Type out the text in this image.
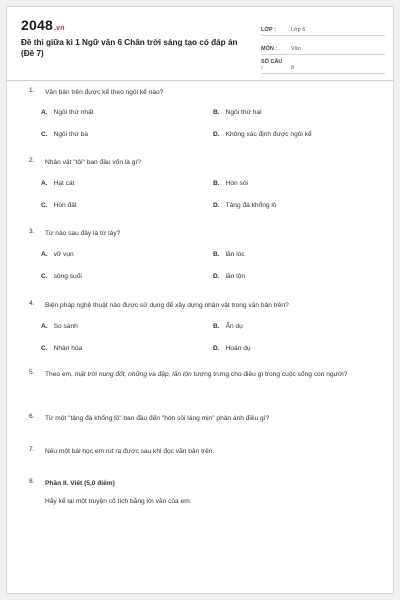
2048.vn
Đề thi giữa kì 1 Ngữ văn 6 Chân trời sáng tạo có đáp án (Đề 7)
LỚP :	Lớp 6
MÔN :	Văn
SỐ CÂU :	8
1.	Văn bản trên được kể theo ngôi kể nào?
A. Ngôi thứ nhất	B. Ngôi thứ hai
C. Ngôi thứ ba	D. Không xác định được ngôi kể
2.	Nhân vật "tôi" ban đầu vốn là gì?
A. Hạt cát	B. Hòn sỏi
C. Hòn đất	D. Tảng đá khổng lồ
3.	Từ nào sau đây là từ láy?
A. vỡ vụn	B. lăn lóc
C. sông suối	D. lăn lộn
4.	Biện pháp nghệ thuật nào được sử dụng để xây dựng nhân vật trong văn bản trên?
A. So sánh	B. Ẩn dụ
C. Nhân hóa	D. Hoán dụ
5.	Theo em, mặt trời nung đốt, những va đập, lăn lộn tượng trưng cho điều gì trong cuộc sống con người?
6.	Từ một "tảng đá khổng lồ" ban đầu đến "hòn sỏi láng mịn" phản ánh điều gì?
7.	Nêu một bài học em rút ra được sau khi đọc văn bản trên.
8.	Phần II. Viết (5,0 điểm)
Hãy kể lại một truyện cổ tích bằng lời văn của em.
